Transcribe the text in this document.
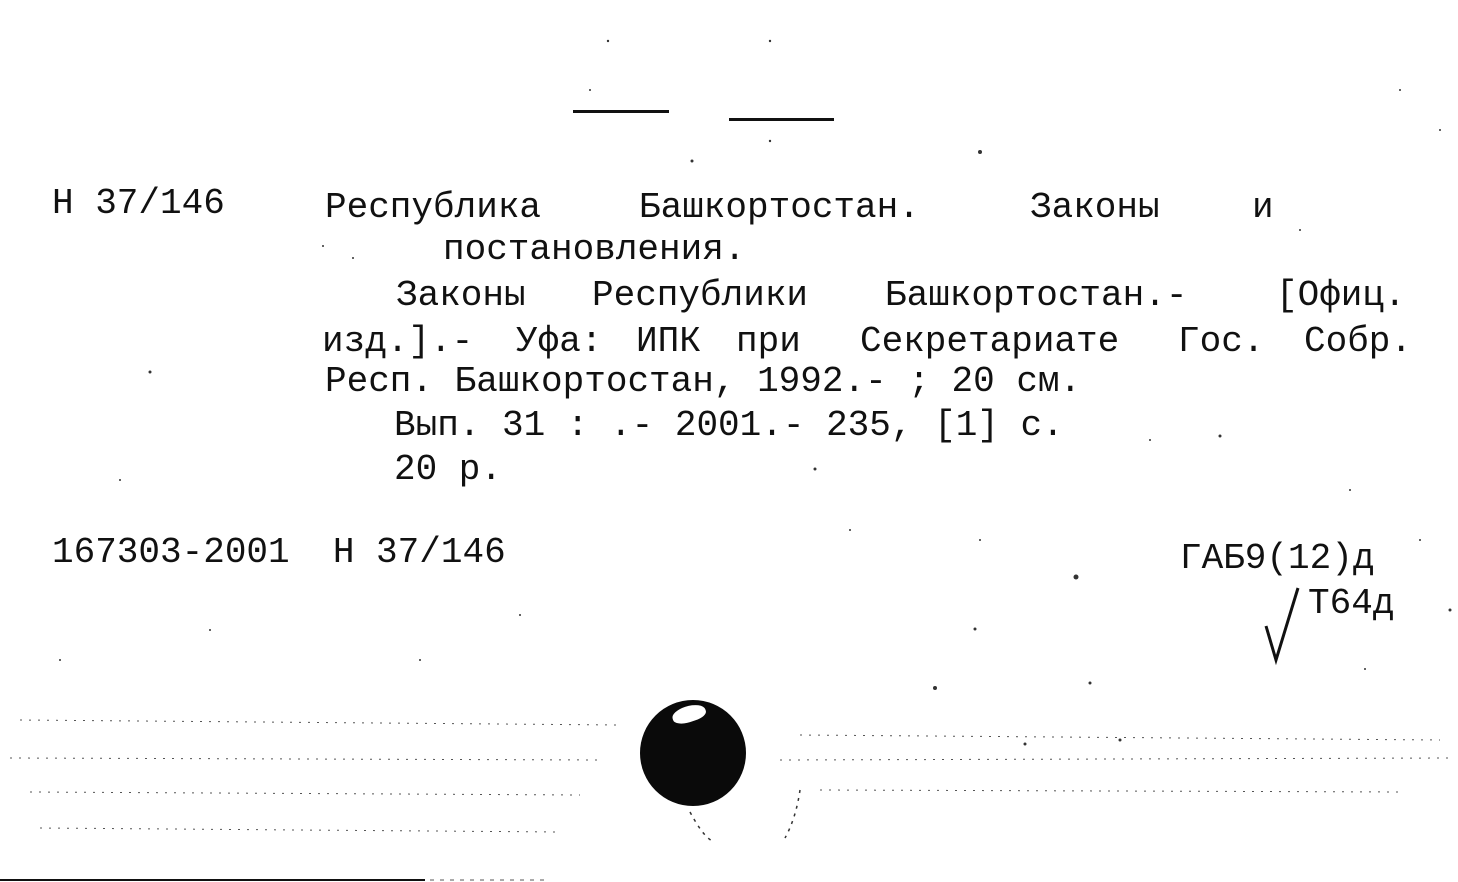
Н 37/146	Республика	Башкортостан.	Законы	и
постановления.
Законы Республики Башкортостан.- [Офиц.
изд.].- Уфа: ИПК при Секретариате Гос. Собр.
Респ. Башкортостан, 1992.- ; 20 см.
Вып. 31 : .- 2001.- 235, [1] с.
20 р.
167303-2001  Н 37/146	ГАБ9(12)д
Т64д
